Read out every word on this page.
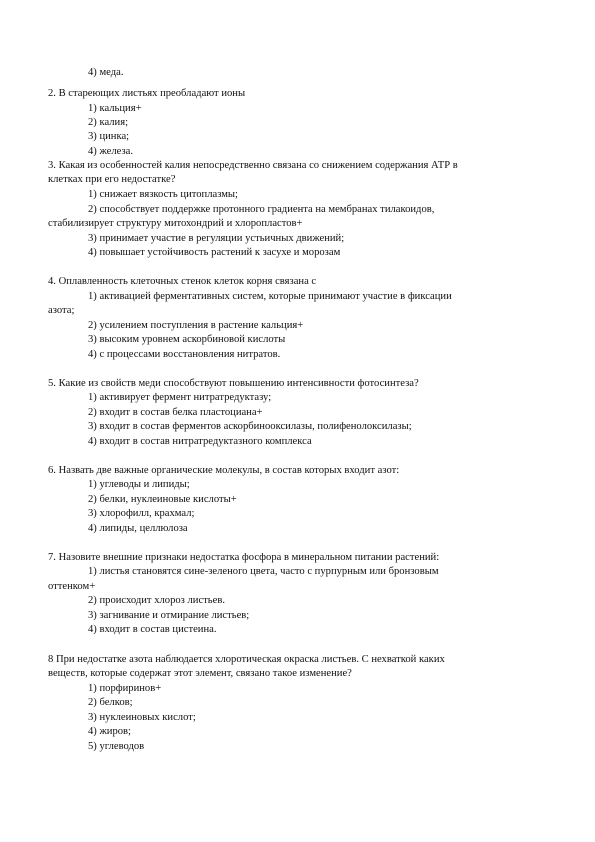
4) меда.
2. В стареющих листьях преобладают ионы
1) кальция+
2) калия;
3) цинка;
4) железа.
3. Какая из особенностей калия непосредственно связана со снижением содержания АТР в
клетках при его недостатке?
1) снижает вязкость цитоплазмы;
2) способствует поддержке протонного градиента на мембранах тилакоидов,
стабилизирует структуру митохондрий и хлоропластов+
3) принимает участие в регуляции устьичных движений;
4) повышает устойчивость растений к засухе и морозам
4. Оплавленность клеточных стенок клеток корня связана с
1) активацией ферментативных систем, которые принимают участие в фиксации
азота;
2) усилением поступления в растение кальция+
3) высоким уровнем аскорбиновой кислоты
4) с процессами восстановления нитратов.
5. Какие из свойств меди способствуют повышению интенсивности фотосинтеза?
1) активирует фермент нитратредуктазу;
2) входит в состав белка пластоцианa+
3) входит в состав ферментов аскорбинооксилазы, полифенолоксилазы;
4) входит в состав нитратредуктазного комплекса
6. Назвать две важные органические молекулы, в состав которых входит азот:
1) углеводы и липиды;
2) белки, нуклеиновые кислоты+
3) хлорофилл, крахмал;
4) липиды, целлюлоза
7. Назовите внешние признаки недостатка фосфора в минеральном питании растений:
1) листья становятся сине-зеленого цвета, часто с пурпурным или бронзовым
оттенком+
2) происходит хлороз листьев.
3) загнивание и отмирание листьев;
4) входит в состав цистеина.
8 При недостатке азота наблюдается хлоротическая окраска листьев. С нехваткой каких
веществ, которые содержат этот элемент, связано такое изменение?
1) порфиринов+
2) белков;
3) нуклеиновых кислот;
4) жиров;
5) углеводов
